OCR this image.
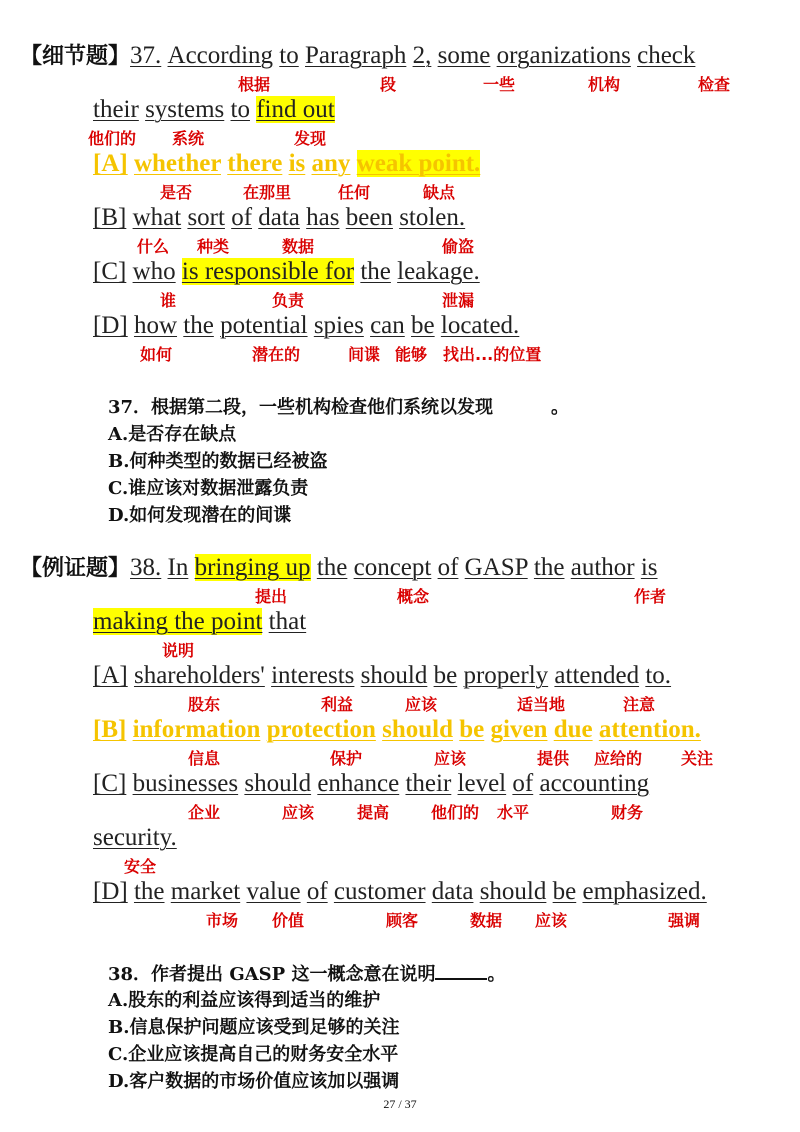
【细节题】37. According to Paragraph 2, some organizations check
根据	段	一些	机构	检查
their systems to find out
他们的 系统	发现
[A] whether there is any weak point.
是否	在那里	任何	缺点
[B] what sort of data has been stolen.
什么 种类	数据	偷盗
[C] who is responsible for the leakage.
谁	负责	泄漏
[D] how the potential spies can be located.
如何	潜在的	间谍 能够 找出...的位置
37．根据第二段，一些机构检查他们系统以发现	。
A.是否存在缺点
B.何种类型的数据已经被盗
C.谁应该对数据泄露负责
D.如何发现潜在的间谍
【例证题】38. In bringing up the concept of GASP the author is
提出	概念	作者
making the point that
说明
[A] shareholders' interests should be properly attended to.
股东	利益	应该	适当地	注意
[B] information protection should be given due attention.
信息	保护	应该	提供 应给的 关注
[C] businesses should enhance their level of accounting
企业	应该	提高	他们的 水平	财务
security.
安全
[D] the market value of customer data should be emphasized.
市场 价值	顾客	数据 应该	强调
38．作者提出 GASP 这一概念意在说明	。
A.股东的利益应该得到适当的维护
B.信息保护问题应该受到足够的关注
C.企业应该提高自己的财务安全水平
D.客户数据的市场价值应该加以强调
27 / 37
